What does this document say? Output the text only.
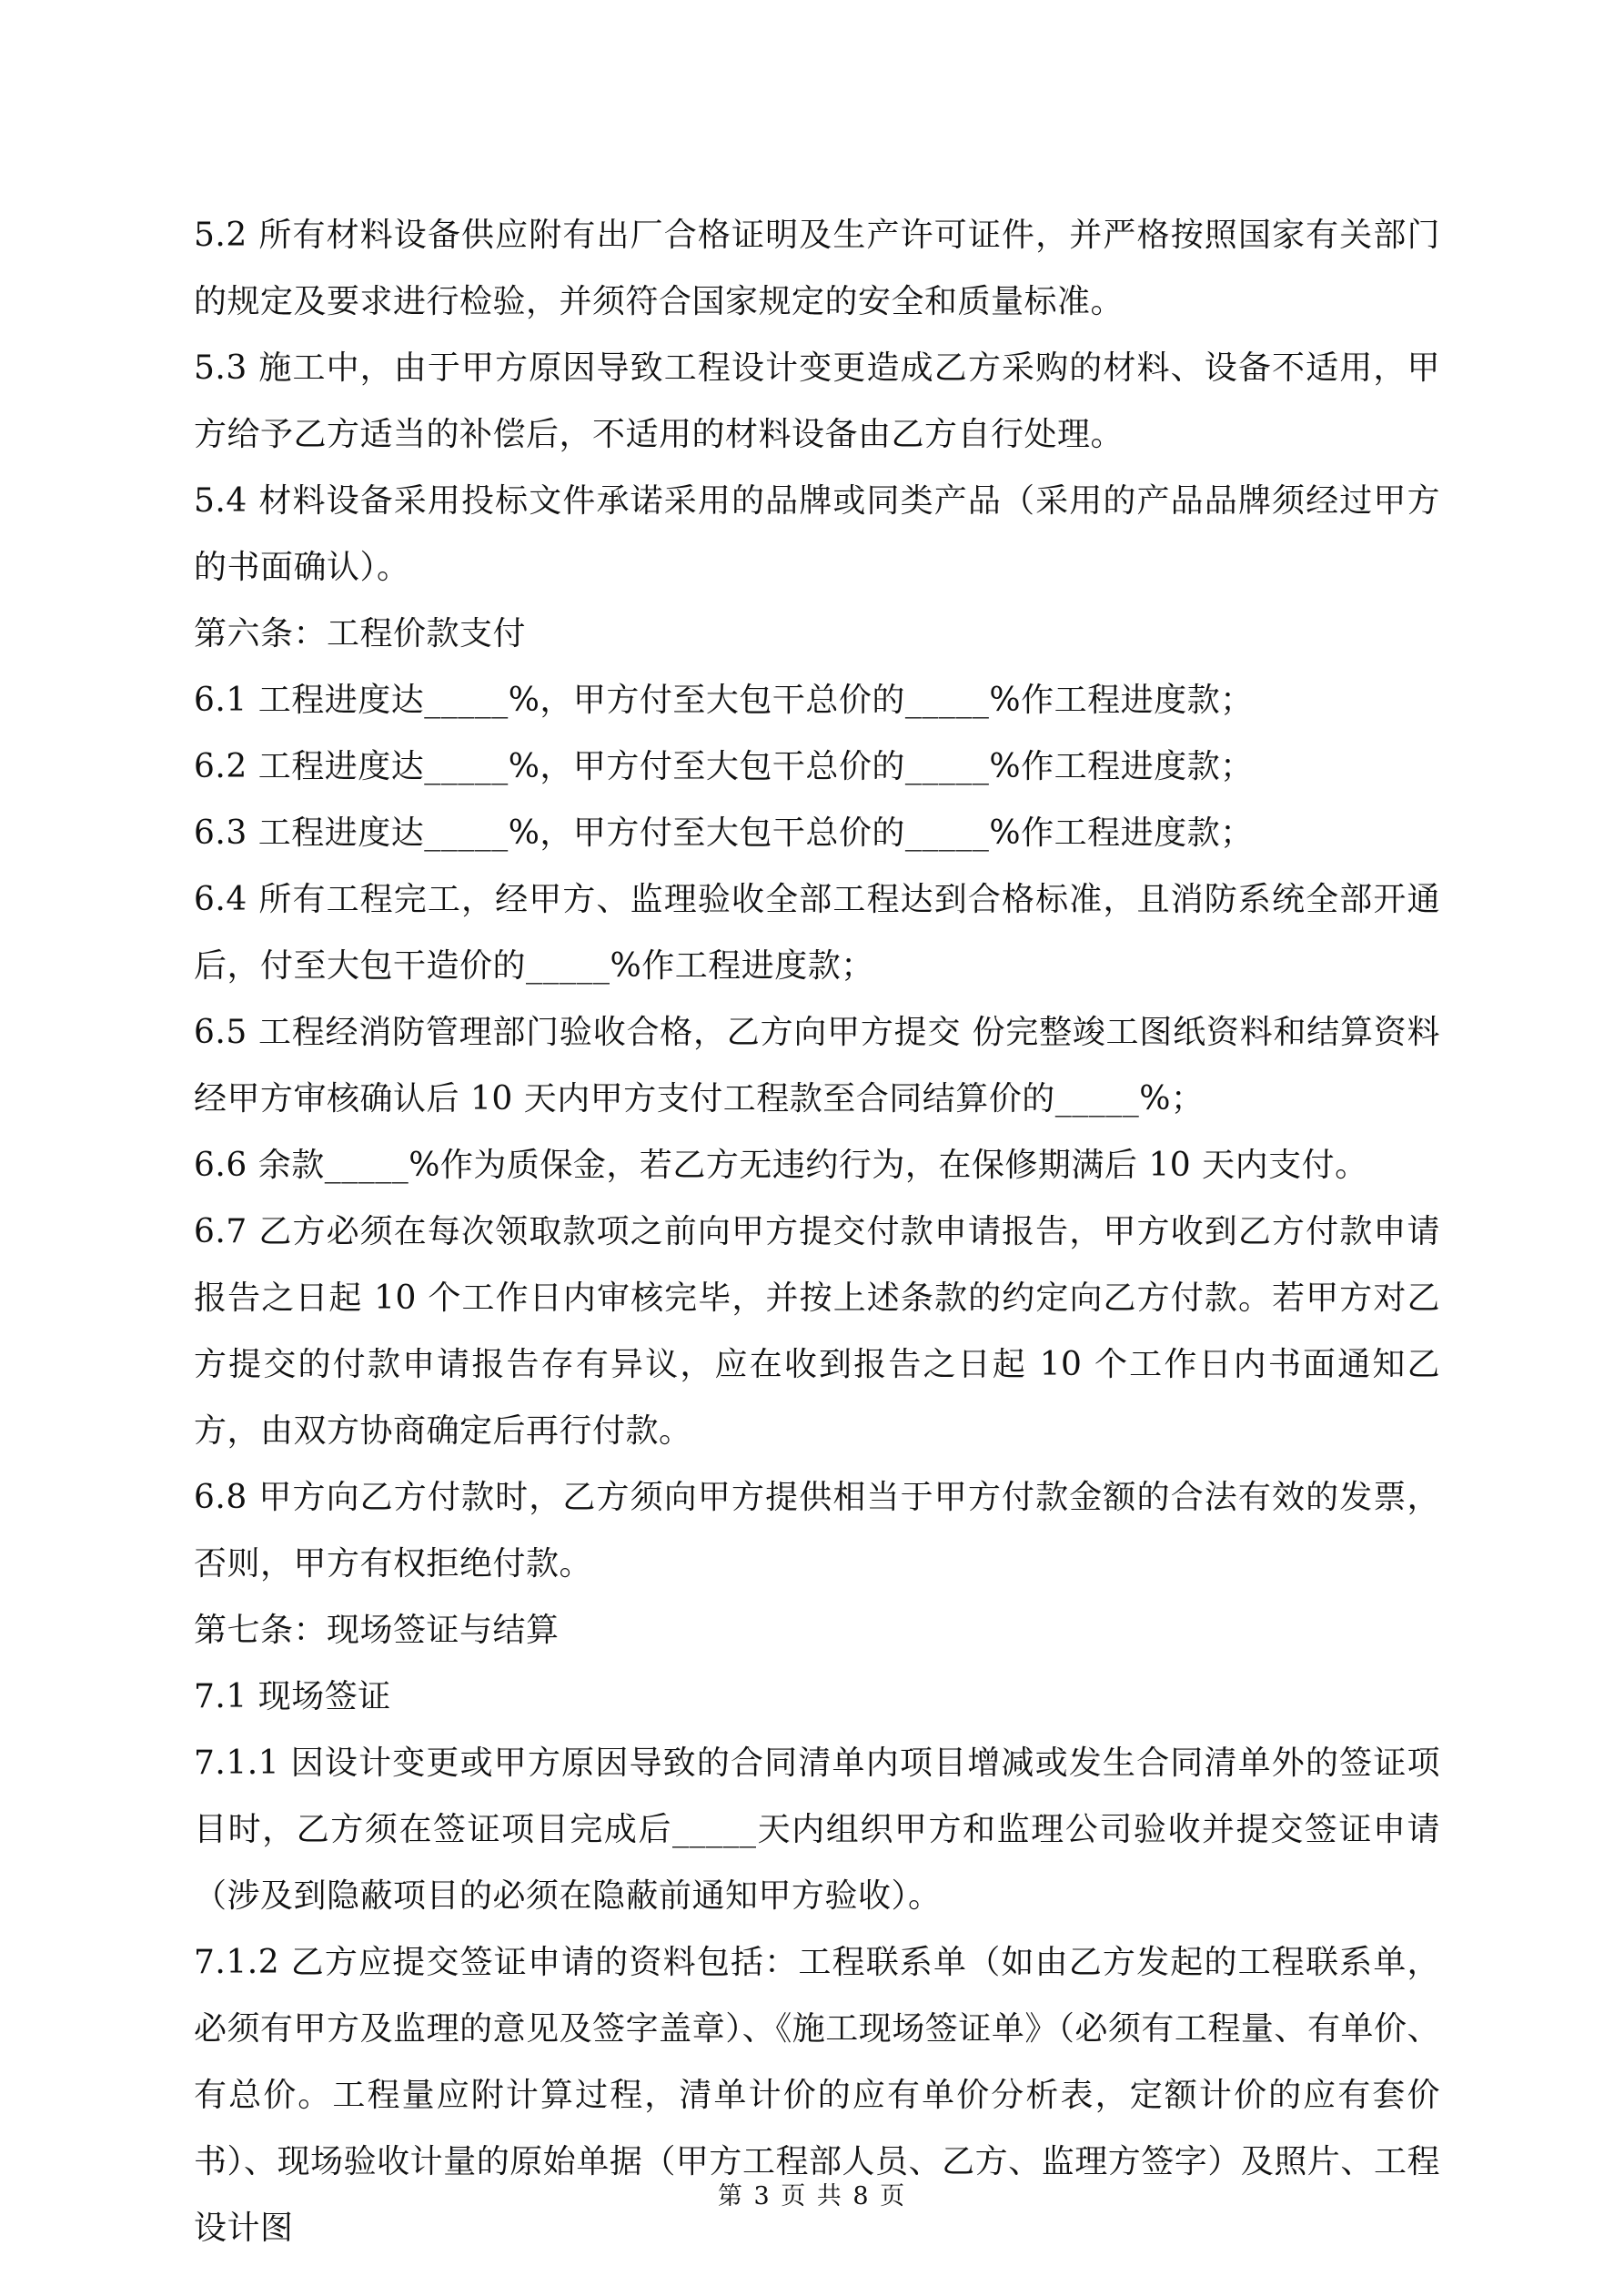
5.2 所有材料设备供应附有出厂合格证明及生产许可证件，并严格按照国家有关部门的规定及要求进行检验，并须符合国家规定的安全和质量标准。

5.3 施工中，由于甲方原因导致工程设计变更造成乙方采购的材料、设备不适用，甲方给予乙方适当的补偿后，不适用的材料设备由乙方自行处理。

5.4 材料设备采用投标文件承诺采用的品牌或同类产品（采用的产品品牌须经过甲方的书面确认）。

第六条：工程价款支付

6.1 工程进度达_____%，甲方付至大包干总价的_____%作工程进度款；

6.2 工程进度达_____%，甲方付至大包干总价的_____%作工程进度款；

6.3 工程进度达_____%，甲方付至大包干总价的_____%作工程进度款；

6.4 所有工程完工，经甲方、监理验收全部工程达到合格标准，且消防系统全部开通后，付至大包干造价的_____%作工程进度款；

6.5 工程经消防管理部门验收合格，乙方向甲方提交 份完整竣工图纸资料和结算资料经甲方审核确认后 10 天内甲方支付工程款至合同结算价的_____%；

6.6 余款_____%作为质保金，若乙方无违约行为，在保修期满后 10 天内支付。

6.7 乙方必须在每次领取款项之前向甲方提交付款申请报告，甲方收到乙方付款申请报告之日起 10 个工作日内审核完毕，并按上述条款的约定向乙方付款。若甲方对乙方提交的付款申请报告存有异议，应在收到报告之日起 10 个工作日内书面通知乙方，由双方协商确定后再行付款。

6.8 甲方向乙方付款时，乙方须向甲方提供相当于甲方付款金额的合法有效的发票，否则，甲方有权拒绝付款。

第七条：现场签证与结算

7.1 现场签证

7.1.1 因设计变更或甲方原因导致的合同清单内项目增减或发生合同清单外的签证项目时，乙方须在签证项目完成后_____天内组织甲方和监理公司验收并提交签证申请（涉及到隐蔽项目的必须在隐蔽前通知甲方验收）。

7.1.2 乙方应提交签证申请的资料包括：工程联系单（如由乙方发起的工程联系单，必须有甲方及监理的意见及签字盖章）、《施工现场签证单》（必须有工程量、有单价、有总价。工程量应附计算过程，清单计价的应有单价分析表，定额计价的应有套价书）、现场验收计量的原始单据（甲方工程部人员、乙方、监理方签字）及照片、工程设计图

第 3 页 共 8 页
